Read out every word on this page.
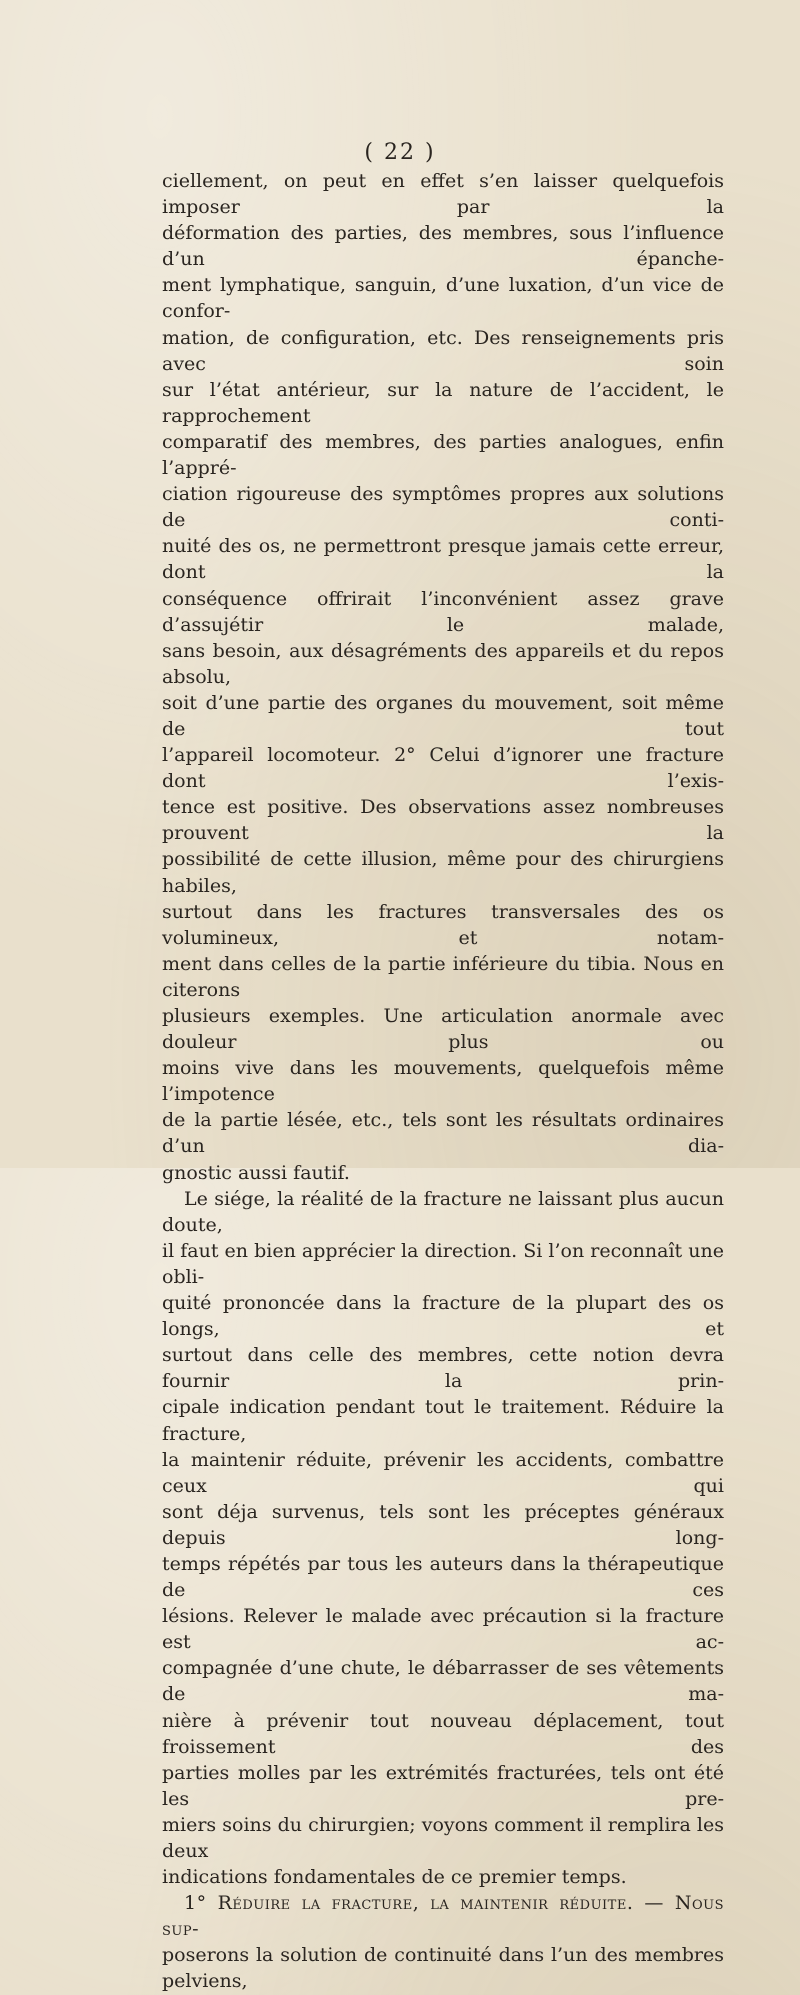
( 22 )

ciellement, on peut en effet s’en laisser quelquefois imposer par la

déformation des parties, des membres, sous l’influence d’un épanche-

ment lymphatique, sanguin, d’une luxation, d’un vice de confor-

mation, de configuration, etc. Des renseignements pris avec soin

sur l’état antérieur, sur la nature de l’accident, le rapprochement

comparatif des membres, des parties analogues, enfin l’appré-

ciation rigoureuse des symptômes propres aux solutions de conti-

nuité des os, ne permettront presque jamais cette erreur, dont la

conséquence offrirait l’inconvénient assez grave d’assujétir le malade,

sans besoin, aux désagréments des appareils et du repos absolu,

soit d’une partie des organes du mouvement, soit même de tout

l’appareil locomoteur. 2° Celui d’ignorer une fracture dont l’exis-

tence est positive. Des observations assez nombreuses prouvent la

possibilité de cette illusion, même pour des chirurgiens habiles,

surtout dans les fractures transversales des os volumineux, et notam-

ment dans celles de la partie inférieure du tibia. Nous en citerons

plusieurs exemples. Une articulation anormale avec douleur plus ou

moins vive dans les mouvements, quelquefois même l’impotence

de la partie lésée, etc., tels sont les résultats ordinaires d’un dia-

gnostic aussi fautif.

Le siége, la réalité de la fracture ne laissant plus aucun doute,

il faut en bien apprécier la direction. Si l’on reconnaît une obli-

quité prononcée dans la fracture de la plupart des os longs, et

surtout dans celle des membres, cette notion devra fournir la prin-

cipale indication pendant tout le traitement. Réduire la fracture,

la maintenir réduite, prévenir les accidents, combattre ceux qui

sont déja survenus, tels sont les préceptes généraux depuis long-

temps répétés par tous les auteurs dans la thérapeutique de ces

lésions. Relever le malade avec précaution si la fracture est ac-

compagnée d’une chute, le débarrasser de ses vêtements de ma-

nière à prévenir tout nouveau déplacement, tout froissement des

parties molles par les extrémités fracturées, tels ont été les pre-

miers soins du chirurgien; voyons comment il remplira les deux

indications fondamentales de ce premier temps.

1° Réduire la fracture, la maintenir réduite. — Nous sup-

poserons la solution de continuité dans l’un des membres pelviens,
